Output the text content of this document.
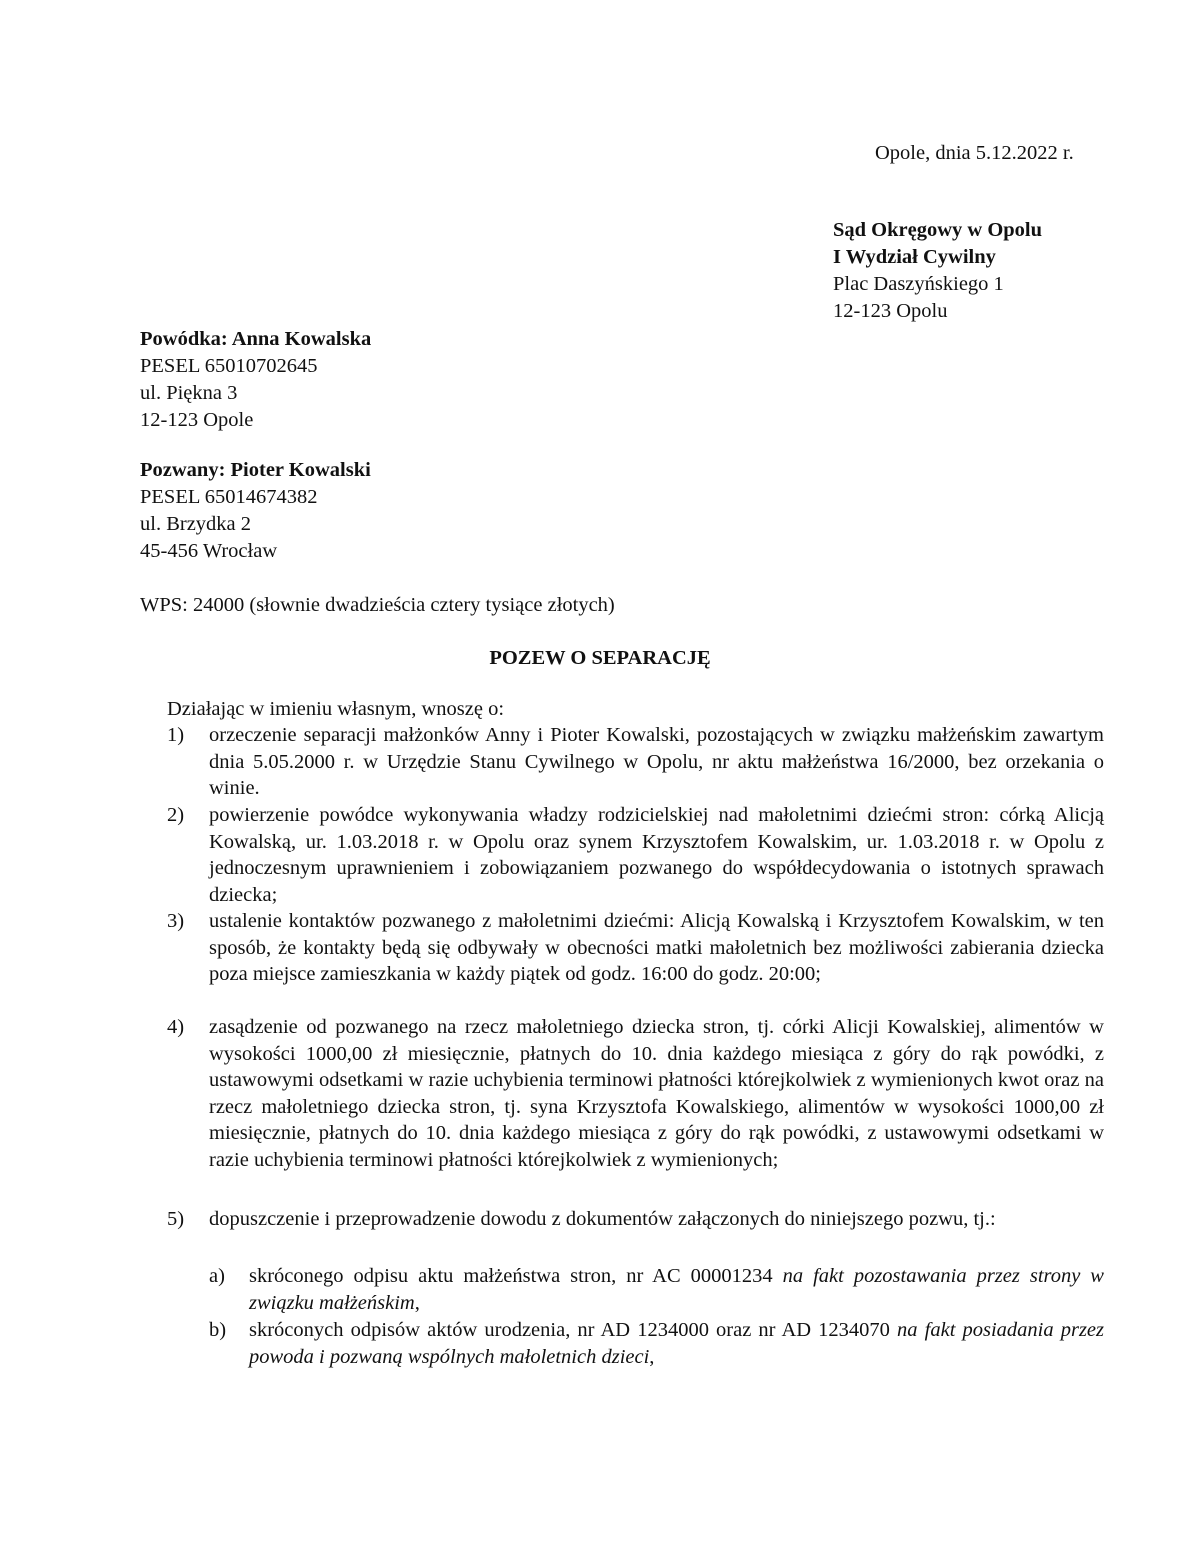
Opole, dnia 5.12.2022 r.
Sąd Okręgowy w Opolu
I Wydział Cywilny
Plac Daszyńskiego 1
12-123 Opolu
Powódka: Anna Kowalska
PESEL 65010702645
ul. Piękna 3
12-123 Opole
Pozwany: Pioter Kowalski
PESEL 65014674382
ul. Brzydka 2
45-456 Wrocław
WPS: 24000 (słownie dwadzieścia cztery tysiące złotych)
POZEW O SEPARACJĘ
Działając w imieniu własnym, wnoszę o:
1) orzeczenie separacji małżonków Anny i Pioter Kowalski, pozostających w związku małżeńskim zawartym dnia 5.05.2000 r. w Urzędzie Stanu Cywilnego w Opolu, nr aktu małżeństwa 16/2000, bez orzekania o winie.
2) powierzenie powódce wykonywania władzy rodzicielskiej nad małoletnimi dziećmi stron: córką Alicją Kowalską, ur. 1.03.2018 r. w Opolu oraz synem Krzysztofem Kowalskim, ur. 1.03.2018 r. w Opolu z jednoczesnym uprawnieniem i zobowiązaniem pozwanego do współdecydowania o istotnych sprawach dziecka;
3) ustalenie kontaktów pozwanego z małoletnimi dziećmi: Alicją Kowalską i Krzysztofem Kowalskim, w ten sposób, że kontakty będą się odbywały w obecności matki małoletnich bez możliwości zabierania dziecka poza miejsce zamieszkania w każdy piątek od godz. 16:00 do godz. 20:00;
4) zasądzenie od pozwanego na rzecz małoletniego dziecka stron, tj. córki Alicji Kowalskiej, alimentów w wysokości 1000,00 zł miesięcznie, płatnych do 10. dnia każdego miesiąca z góry do rąk powódki, z ustawowymi odsetkami w razie uchybienia terminowi płatności którejkolwiek z wymienionych kwot oraz na rzecz małoletniego dziecka stron, tj. syna Krzysztofa Kowalskiego, alimentów w wysokości 1000,00 zł miesięcznie, płatnych do 10. dnia każdego miesiąca z góry do rąk powódki, z ustawowymi odsetkami w razie uchybienia terminowi płatności którejkolwiek z wymienionych;
5) dopuszczenie i przeprowadzenie dowodu z dokumentów załączonych do niniejszego pozwu, tj.:
a) skróconego odpisu aktu małżeństwa stron, nr AC 00001234 na fakt pozostawania przez strony w związku małżeńskim,
b) skróconych odpisów aktów urodzenia, nr AD 1234000 oraz nr AD 1234070 na fakt posiadania przez powoda i pozwaną wspólnych małoletnich dzieci,
